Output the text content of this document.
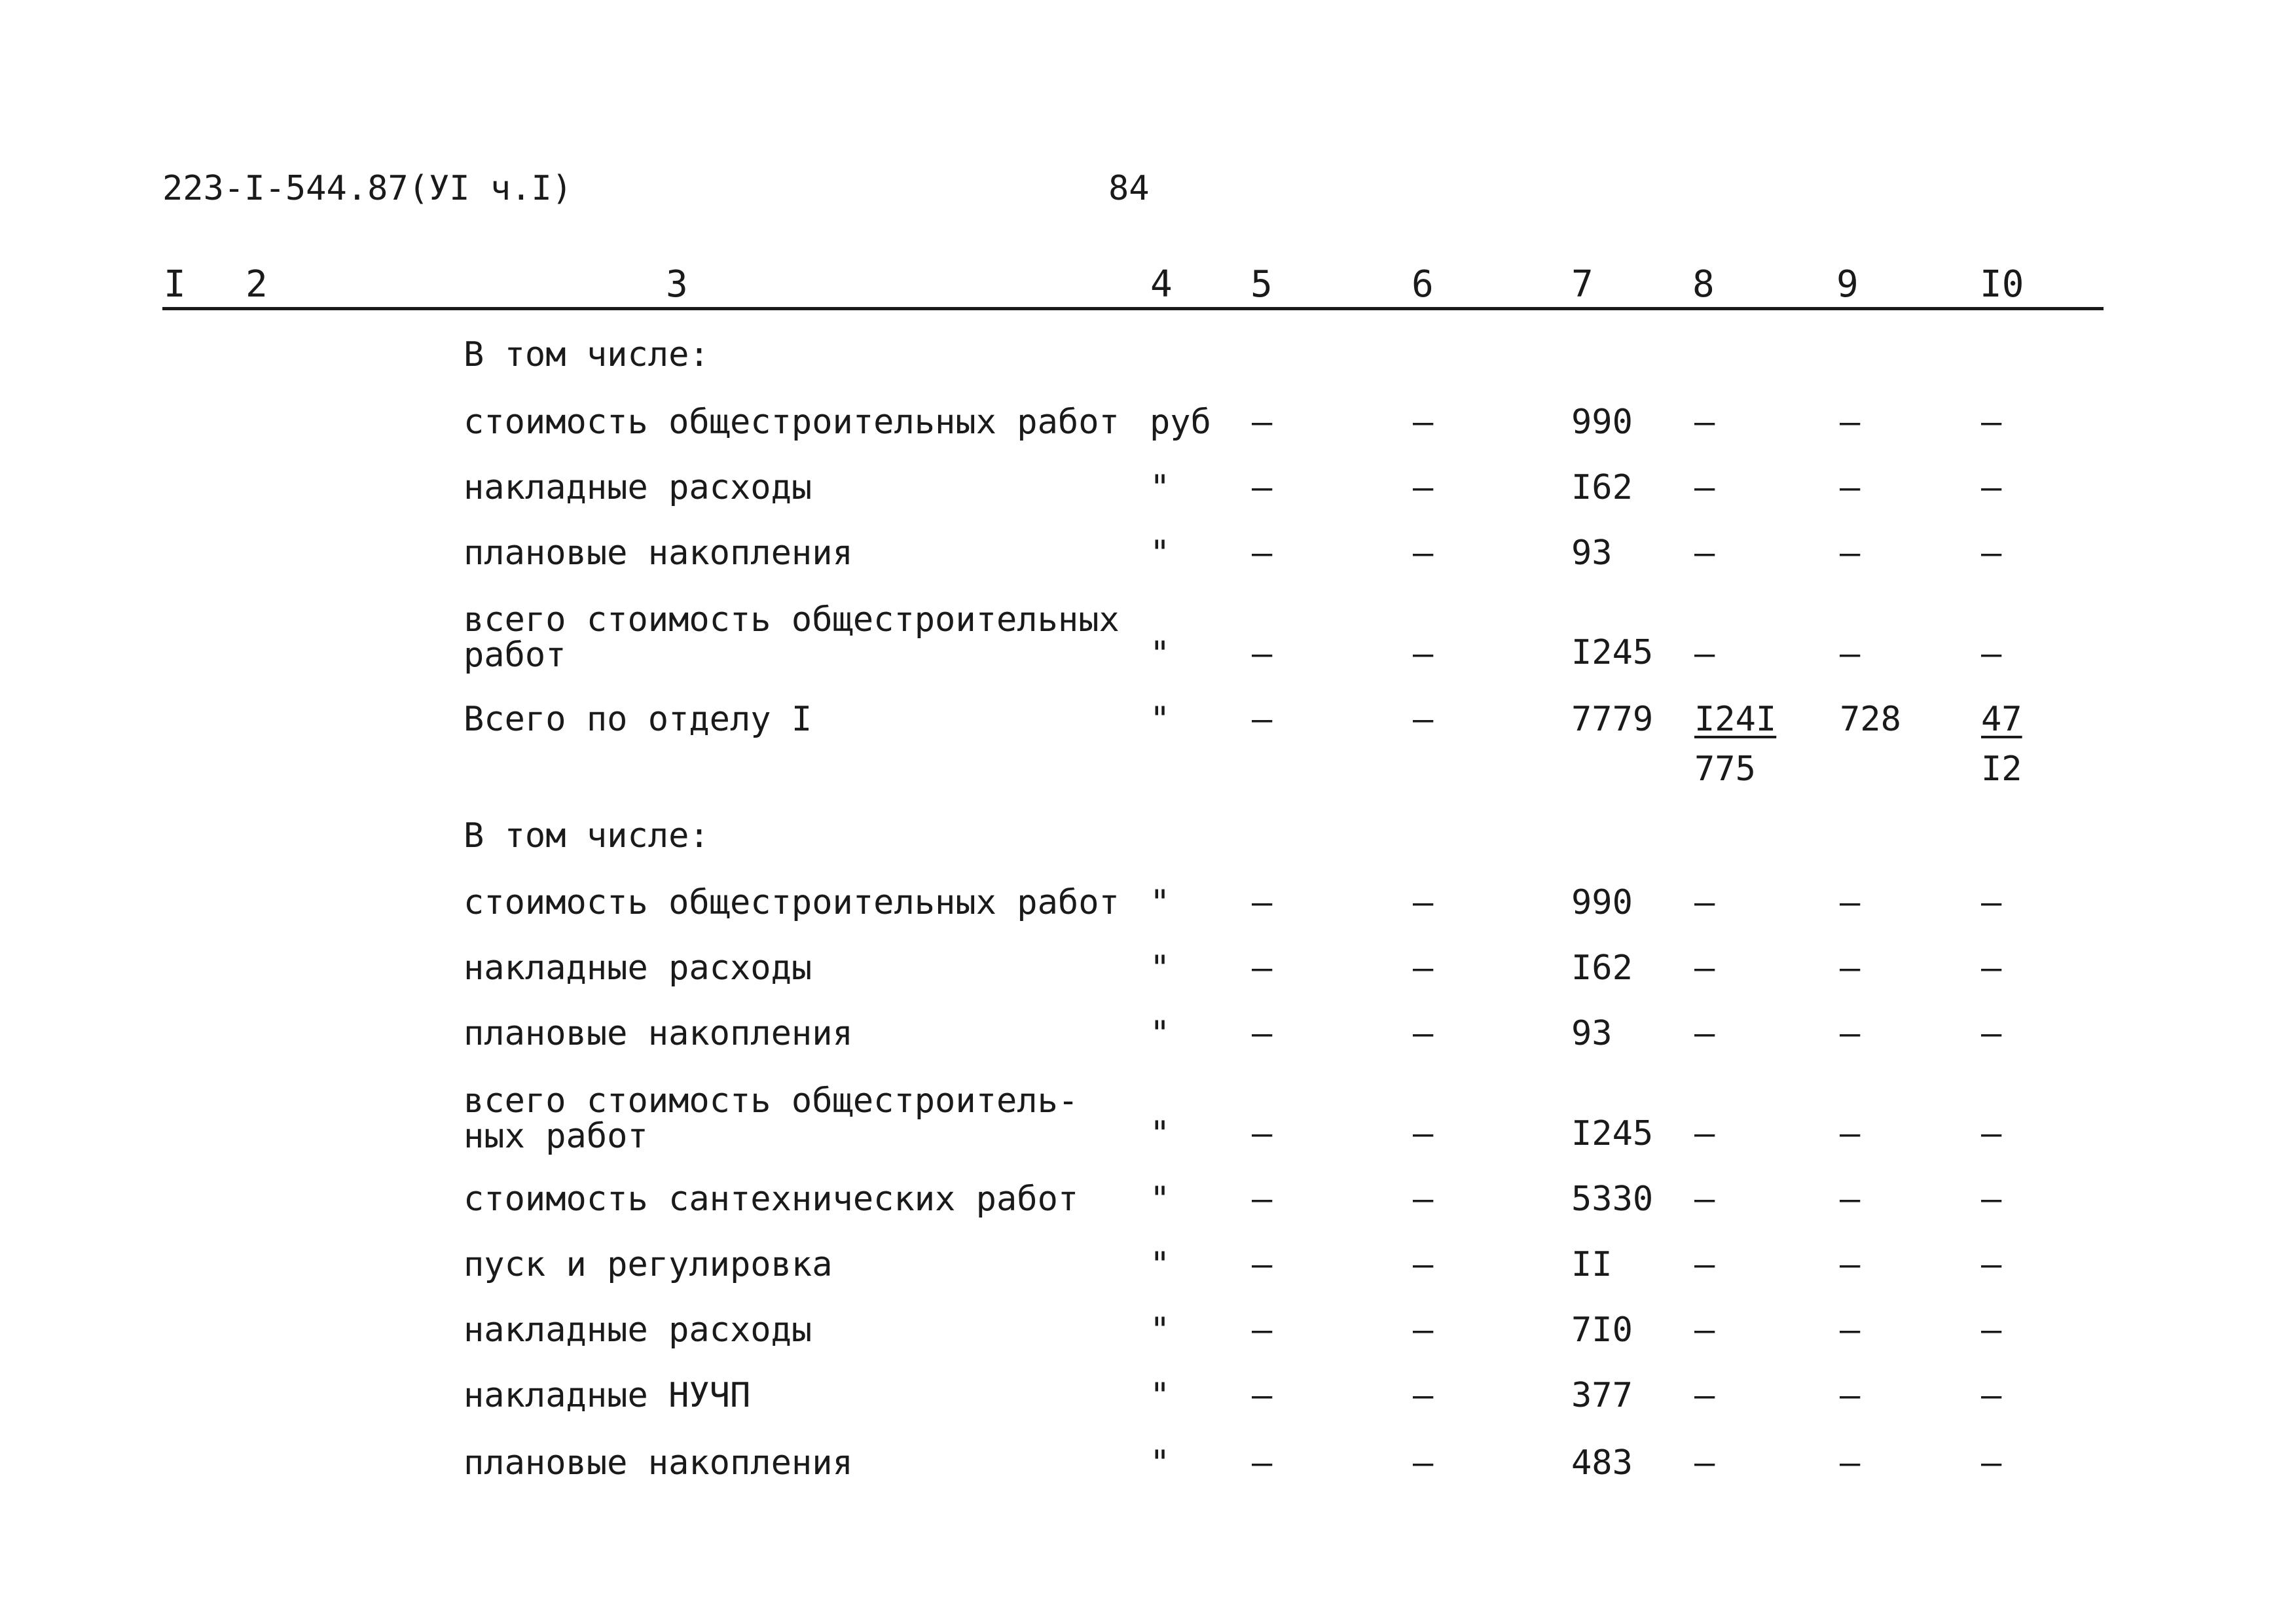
223-I-544.87(УI ч.I)	84
I 2	3	4 5	6	7	8	9	I0
В том числе:
стоимость общестроительных работ руб –	–	990 –	–	–
накладные расходы	" –	–	I62 –	–	–
плановые накопления	" –	–	93 –	–	–
всего стоимость общестроительных работ	" –	–	I245 –	–	–
Всего по отделу I	" –	–	$7779 \frac{I24I}{775} 728 \frac{47}{I2}$
В том числе:
стоимость общестроительных работ " –	–	990 –	–	–
накладные расходы	" –	–	I62 –	–	–
плановые накопления	" –	–	93 –	–	–
всего стоимость общестроитель-ных работ	" –	–	I245 –	–	–
стоимость сантехнических работ " –	–	5330 –	–	–
пуск и регулировка	" –	–	II –	–	–
накладные расходы	" –	–	7I0 –	–	–
накладные НУЧП	" –	–	377 –	–	–
плановые накопления	" –	–	483 –	–	–
